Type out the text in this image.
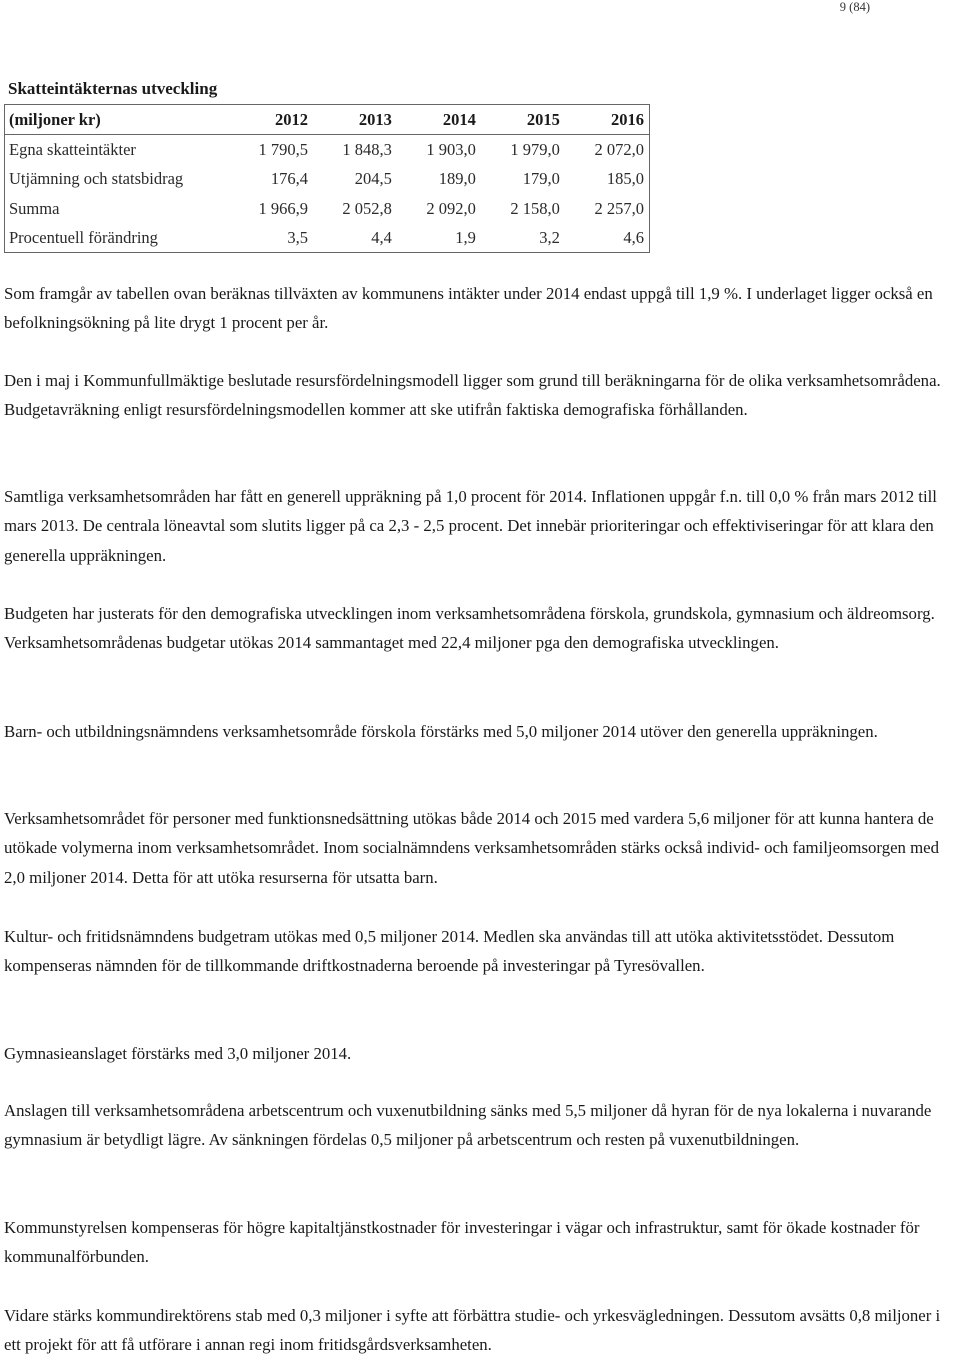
9 (84)
Skatteintäkternas utveckling
(miljoner kr)	2012	2013	2014	2015	2016
Egna skatteintäkter	1 790,5	1 848,3	1 903,0	1 979,0	2 072,0
Utjämning och statsbidrag	176,4	204,5	189,0	179,0	185,0
Summa	1 966,9	2 052,8	2 092,0	2 158,0	2 257,0
Procentuell förändring	3,5	4,4	1,9	3,2	4,6

Som framgår av tabellen ovan beräknas tillväxten av kommunens intäkter under 2014 endast uppgå till 1,9 %. I underlaget ligger också en befolkningsökning på lite drygt 1 procent per år.

Den i maj i Kommunfullmäktige beslutade resursfördelningsmodell ligger som grund till beräkningarna för de olika verksamhetsområdena. Budgetavräkning enligt resursfördelningsmodellen kommer att ske utifrån faktiska demografiska förhållanden.

Samtliga verksamhetsområden har fått en generell uppräkning på 1,0 procent för 2014. Inflationen uppgår f.n. till 0,0 % från mars 2012 till mars 2013. De centrala löneavtal som slutits ligger på ca 2,3 - 2,5 procent. Det innebär prioriteringar och effektiviseringar för att klara den generella uppräkningen.

Budgeten har justerats för den demografiska utvecklingen inom verksamhetsområdena förskola, grundskola, gymnasium och äldreomsorg. Verksamhetsområdenas budgetar utökas 2014 sammantaget med 22,4 miljoner pga den demografiska utvecklingen.

Barn- och utbildningsnämndens verksamhetsområde förskola förstärks med 5,0 miljoner 2014 utöver den generella uppräkningen.

Verksamhetsområdet för personer med funktionsnedsättning utökas både 2014 och 2015 med vardera 5,6 miljoner för att kunna hantera de utökade volymerna inom verksamhetsområdet. Inom socialnämndens verksamhetsområden stärks också individ- och familjeomsorgen med 2,0 miljoner 2014. Detta för att utöka resurserna för utsatta barn.

Kultur- och fritidsnämndens budgetram utökas med 0,5 miljoner 2014. Medlen ska användas till att utöka aktivitetsstödet. Dessutom kompenseras nämnden för de tillkommande driftkostnaderna beroende på investeringar på Tyresövallen.

Gymnasieanslaget förstärks med 3,0 miljoner 2014.

Anslagen till verksamhetsområdena arbetscentrum och vuxenutbildning sänks med 5,5 miljoner då hyran för de nya lokalerna i nuvarande gymnasium är betydligt lägre. Av sänkningen fördelas 0,5 miljoner på arbetscentrum och resten på vuxenutbildningen.

Kommunstyrelsen kompenseras för högre kapitaltjänstkostnader för investeringar i vägar och infrastruktur, samt för ökade kostnader för kommunalförbunden.

Vidare stärks kommundirektörens stab med 0,3 miljoner i syfte att förbättra studie- och yrkesvägledningen. Dessutom avsätts 0,8 miljoner i ett projekt för att få utförare i annan regi inom fritidsgårdsverksamheten.
